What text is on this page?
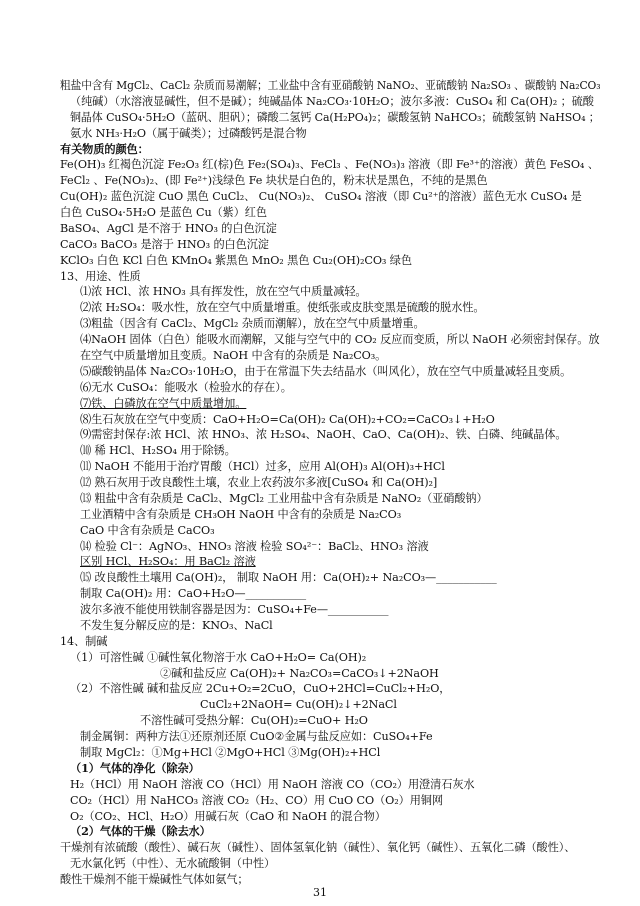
粗盐中含有 MgCl₂、CaCl₂ 杂质而易潮解；工业盐中含有亚硝酸钠 NaNO₂、亚硫酸钠 Na₂SO₃ 、碳酸钠 Na₂CO₃
（纯碱）（水溶液显碱性，但不是碱）；纯碱晶体 Na₂CO₃·10H₂O；波尔多液：CuSO₄ 和 Ca(OH)₂ ；硫酸
铜晶体 CuSO₄·5H₂O（蓝矾、胆矾）；磷酸二氢钙 Ca(H₂PO₄)₂；碳酸氢钠 NaHCO₃；硫酸氢钠 NaHSO₄ ；
氨水 NH₃·H₂O（属于碱类）；过磷酸钙是混合物
有关物质的颜色：
Fe(OH)₃ 红褐色沉淀 Fe₂O₃ 红(棕)色 Fe₂(SO₄)₃、FeCl₃ 、Fe(NO₃)₃ 溶液（即 Fe³⁺的溶液）黄色 FeSO₄ 、
FeCl₂ 、Fe(NO₃)₂、(即 Fe²⁺)浅绿色 Fe 块状是白色的，粉末状是黑色，不纯的是黑色
Cu(OH)₂ 蓝色沉淀 CuO 黑色 CuCl₂、 Cu(NO₃)₂、 CuSO₄ 溶液（即 Cu²⁺的溶液）蓝色无水 CuSO₄ 是
白色 CuSO₄·5H₂O 是蓝色 Cu（紫）红色
BaSO₄、AgCl 是不溶于 HNO₃ 的白色沉淀
CaCO₃ BaCO₃ 是溶于 HNO₃ 的白色沉淀
KClO₃ 白色 KCl 白色 KMnO₄ 紫黑色 MnO₂ 黑色 Cu₂(OH)₂CO₃ 绿色
13、用途、性质
⑴浓 HCl、浓 HNO₃ 具有挥发性，放在空气中质量减轻。
⑵浓 H₂SO₄：吸水性，放在空气中质量增重。使纸张或皮肤变黑是硫酸的脱水性。
⑶粗盐（因含有 CaCl₂、MgCl₂ 杂质而潮解），放在空气中质量增重。
⑷NaOH 固体（白色）能吸水而潮解，又能与空气中的 CO₂ 反应而变质，所以 NaOH 必须密封保存。放
在空气中质量增加且变质。NaOH 中含有的杂质是 Na₂CO₃。
⑸碳酸钠晶体 Na₂CO₃·10H₂O，由于在常温下失去结晶水（叫风化），放在空气中质量减轻且变质。
⑹无水 CuSO₄：能吸水（检验水的存在）。
⑺铁、白磷放在空气中质量增加。
⑻生石灰放在空气中变质：CaO+H₂O=Ca(OH)₂ Ca(OH)₂+CO₂=CaCO₃↓+H₂O
⑼需密封保存:浓 HCl、浓 HNO₃、浓 H₂SO₄、NaOH、CaO、Ca(OH)₂、铁、白磷、纯碱晶体。
⑽ 稀 HCl、H₂SO₄ 用于除锈。
⑾ NaOH 不能用于治疗胃酸（HCl）过多，应用 Al(OH)₃ Al(OH)₃+HCl
⑿ 熟石灰用于改良酸性土壤，农业上农药波尔多液[CuSO₄ 和 Ca(OH)₂]
⒀ 粗盐中含有杂质是 CaCl₂、MgCl₂ 工业用盐中含有杂质是 NaNO₂（亚硝酸钠）
工业酒精中含有杂质是 CH₃OH NaOH 中含有的杂质是 Na₂CO₃
CaO 中含有杂质是 CaCO₃
⒁ 检验 Cl⁻：AgNO₃、HNO₃ 溶液 检验 SO₄²⁻：BaCl₂、HNO₃ 溶液
区别 HCl、H₂SO₄：用 BaCl₂ 溶液
⒂ 改良酸性土壤用 Ca(OH)₂， 制取 NaOH 用：Ca(OH)₂+ Na₂CO₃—___________
制取 Ca(OH)₂ 用：CaO+H₂O—___________
波尔多液不能使用铁制容器是因为：CuSO₄+Fe—___________
不发生复分解反应的是：KNO₃、NaCl
14、制碱
（1）可溶性碱 ①碱性氧化物溶于水 CaO+H₂O= Ca(OH)₂
②碱和盐反应 Ca(OH)₂+ Na₂CO₃=CaCO₃↓+2NaOH
（2）不溶性碱 碱和盐反应 2Cu+O₂=2CuO，CuO+2HCl=CuCl₂+H₂O，
CuCl₂+2NaOH= Cu(OH)₂↓+2NaCl
不溶性碱可受热分解：Cu(OH)₂=CuO+ H₂O
制金属铜：两种方法①还原剂还原 CuO②金属与盐反应如：CuSO₄+Fe
制取 MgCl₂：①Mg+HCl ②MgO+HCl ③Mg(OH)₂+HCl
（1）气体的净化（除杂）
H₂（HCl）用 NaOH 溶液 CO（HCl）用 NaOH 溶液 CO（CO₂）用澄清石灰水
CO₂（HCl）用 NaHCO₃ 溶液 CO₂（H₂、CO）用 CuO CO（O₂）用铜网
O₂（CO₂、HCl、H₂O）用碱石灰（CaO 和 NaOH 的混合物）
（2）气体的干燥（除去水）
干燥剂有浓硫酸（酸性）、碱石灰（碱性）、固体氢氧化钠（碱性）、氧化钙（碱性）、五氧化二磷（酸性）、
无水氯化钙（中性）、无水硫酸铜（中性）
酸性干燥剂不能干燥碱性气体如氨气；
31
